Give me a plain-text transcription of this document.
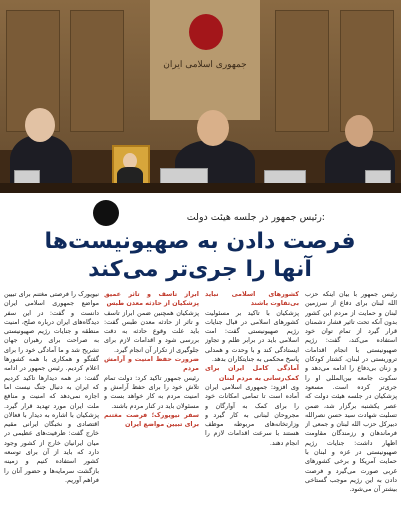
جمهوری اسلامی ایران
رئیس جمهور در جلسه هیئت دولت:
فرصت دادن به صهیونیست‌ها
آنها را جری‌تر می‌کند
رئیس جمهور با بیان اینکه حزب الله لبنان برای دفاع از سرزمین لبنان و حمایت از مردم این کشور بدون آنکه تحت تاثیر فشار دشمنان قرار گیرد از تمام توان خود استفاده می‌کند، گفت: رژیم صهیونیستی با انجام اقدامات تروریستی در لبنان، کشتار کودکان و زنان بی‌دفاع را ادامه می‌دهد و سکوت جامعه بین‌المللی او را جری‌تر کرده است. مسعود پزشکیان در جلسه هیئت دولت که عصر یکشنبه برگزار شد، ضمن تسلیت شهادت سید حسن نصرالله دبیرکل حزب الله لبنان و جمعی از فرماندهان و رزمندگان مقاومت اظهار داشت: جنایات رژیم صهیونیستی در غزه و لبنان با حمایت آمریکا و برخی کشورهای غربی صورت می‌گیرد و فرصت دادن به این رژیم موجب گستاخی بیشتر آن می‌شود.
کشورهای اسلامی نباید بی‌تفاوت باشند
پزشکیان با تاکید بر مسئولیت کشورهای اسلامی در قبال جنایات رژیم صهیونیستی گفت: امت اسلامی باید در برابر ظلم و تجاوز ایستادگی کند و با وحدت و همدلی پاسخ محکمی به جنایتکاران بدهد.
آمادگی کامل ایران برای کمک‌رسانی به مردم لبنان
وی افزود: جمهوری اسلامی ایران آماده است تا تمامی امکانات خود را برای کمک به آوارگان و مجروحان لبنانی به کار گیرد و وزارتخانه‌های مربوطه موظف هستند با سرعت اقدامات لازم را انجام دهند.
ابراز تاسف و تاثر عمیق پزشکیان از حادثه معدن طبس
پزشکیان همچنین ضمن ابراز تاسف و تاثر از حادثه معدن طبس گفت: باید علت وقوع حادثه به دقت بررسی شود و اقدامات لازم برای جلوگیری از تکرار آن انجام گیرد.
ضرورت حفظ امنیت و آرامش مردم
رئیس جمهور تاکید کرد: دولت تمام تلاش خود را برای حفظ آرامش و امنیت مردم به کار خواهد بست و مسئولان باید در کنار مردم باشند.
سفر نیویورک؛ فرصت مغتنم برای تبیین مواضع ایران
نیویورک را فرصتی مغتنم برای تبیین مواضع جمهوری اسلامی ایران دانست و گفت: در این سفر دیدگاه‌های ایران درباره صلح، امنیت منطقه و جنایات رژیم صهیونیستی به صراحت برای رهبران جهان تشریح شد و ما آمادگی خود را برای گفتگو و همکاری با همه کشورها اعلام کردیم. رئیس جمهور در ادامه گفت: در همه دیدارها تاکید کردیم که ایران به دنبال جنگ نیست اما اجازه نمی‌دهد که امنیت و منافع ملت ایران مورد تهدید قرار گیرد. پزشکیان با اشاره به دیدار با فعالان اقتصادی و نخبگان ایرانی مقیم خارج گفت: ظرفیت‌های عظیمی در میان ایرانیان خارج از کشور وجود دارد که باید از آن برای توسعه کشور استفاده کنیم و زمینه بازگشت سرمایه‌ها و حضور آنان را فراهم آوریم.
